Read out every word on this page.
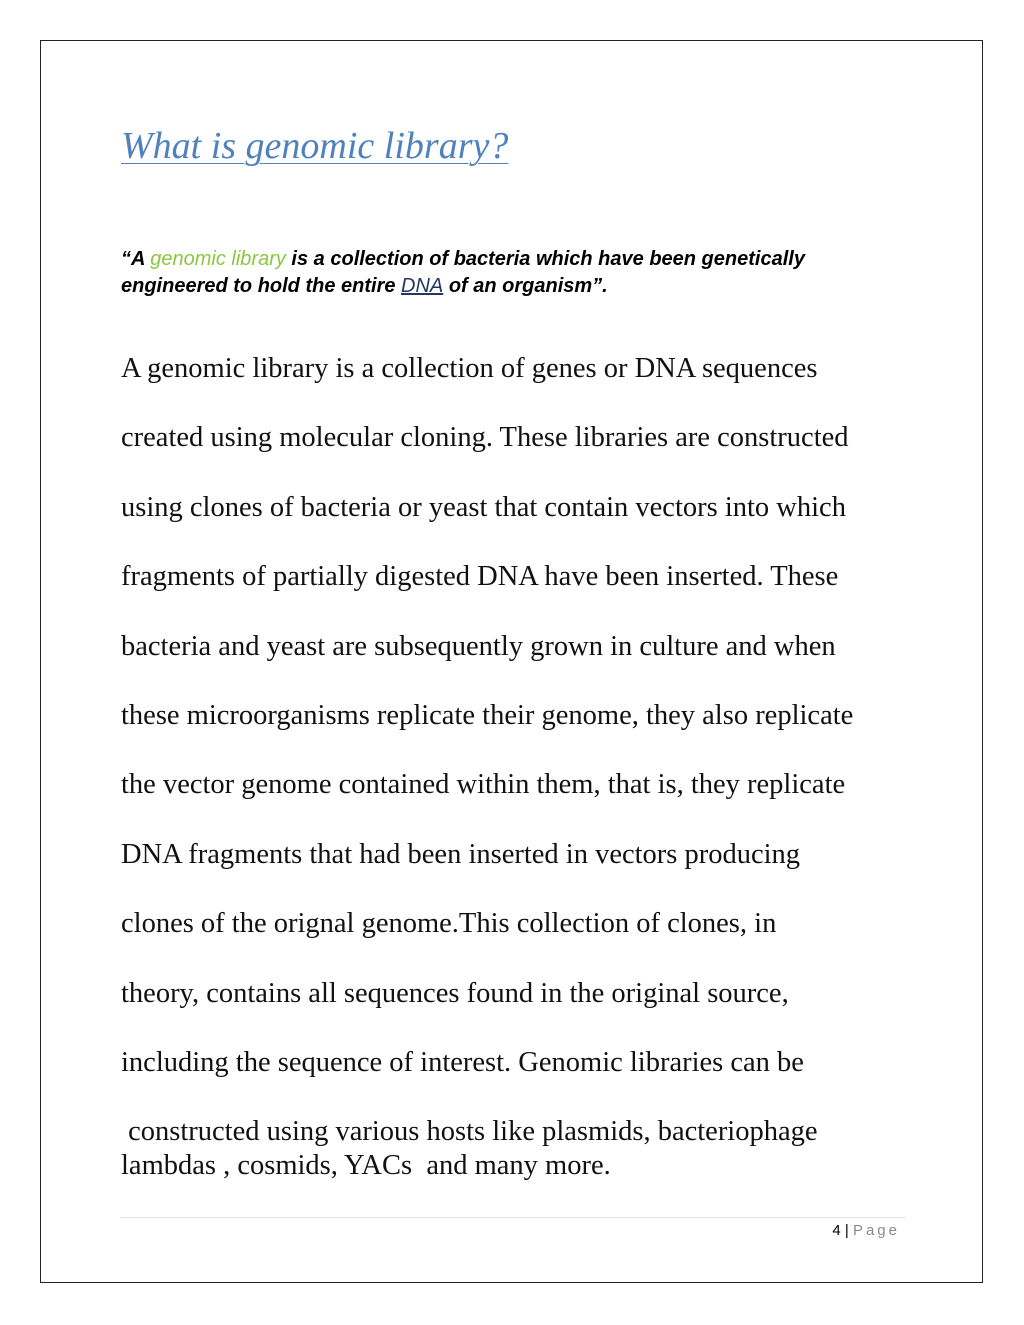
What is genomic library?

“A genomic library is a collection of bacteria which have been genetically engineered to hold the entire DNA of an organism”.

A genomic library is a collection of genes or DNA sequences

created using molecular cloning. These libraries are constructed

using clones of bacteria or yeast that contain vectors into which

fragments of partially digested DNA have been inserted. These

bacteria and yeast are subsequently grown in culture and when

these microorganisms replicate their genome, they also replicate

the vector genome contained within them, that is, they replicate

DNA fragments that had been inserted in vectors producing

clones of the orignal genome.This collection of clones, in

theory, contains all sequences found in the original source,

including the sequence of interest. Genomic libraries can be

constructed using various hosts like plasmids, bacteriophage

lambdas , cosmids, YACs  and many more.

4 | Page
